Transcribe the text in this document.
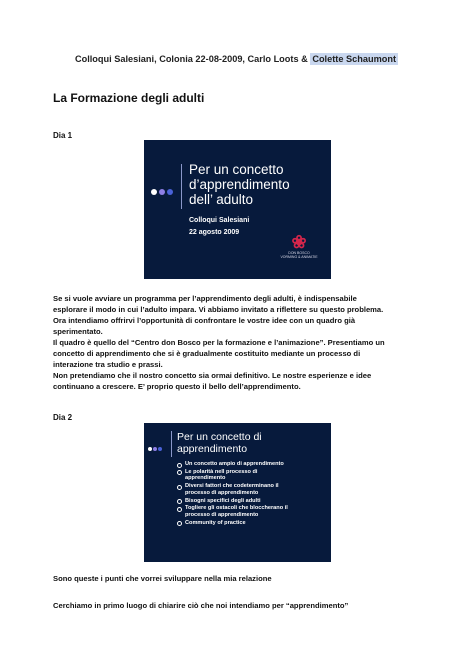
Colloqui Salesiani, Colonia 22-08-2009, Carlo Loots & Colette Schaumont
La Formazione degli adulti
Dia 1
Per un concetto
d’apprendimento
dell’ adulto
Colloqui Salesiani
22 agosto 2009	❀
DON BOSCO
VORMING & ANIMATIE

Se si vuole avviare un programma per l’apprendimento degli adulti, è indispensabile

esplorare il modo in cui l’adulto impara. Vi abbiamo invitato a riflettere su questo problema.

Ora intendiamo offrirvi l’opportunità di confrontare le vostre idee con un quadro già

sperimentato.

Il quadro è quello del “Centro don Bosco per la formazione e l’animazione”. Presentiamo un

concetto di apprendimento che si è gradualmente costituito mediante un processo di

interazione tra studio e prassi.

Non pretendiamo che il nostro concetto sia ormai definitivo. Le nostre esperienze e idee

continuano a crescere. E’ proprio questo il bello dell’apprendimento.

Dia 2
Per un concetto di
apprendimento
Un concetto ampio di apprendimento
Le polarità nell processo di
apprendimento
Diversi fattori che codeterminano il
processo di apprendimento
Bisogni specifici degli adulti
Togliere gli ostacoli che bloccherano il
processo di apprendimento
Community of practice
Sono queste i punti che vorrei sviluppare nella mia relazione
Cerchiamo in primo luogo di chiarire ciò che noi intendiamo per “apprendimento”
